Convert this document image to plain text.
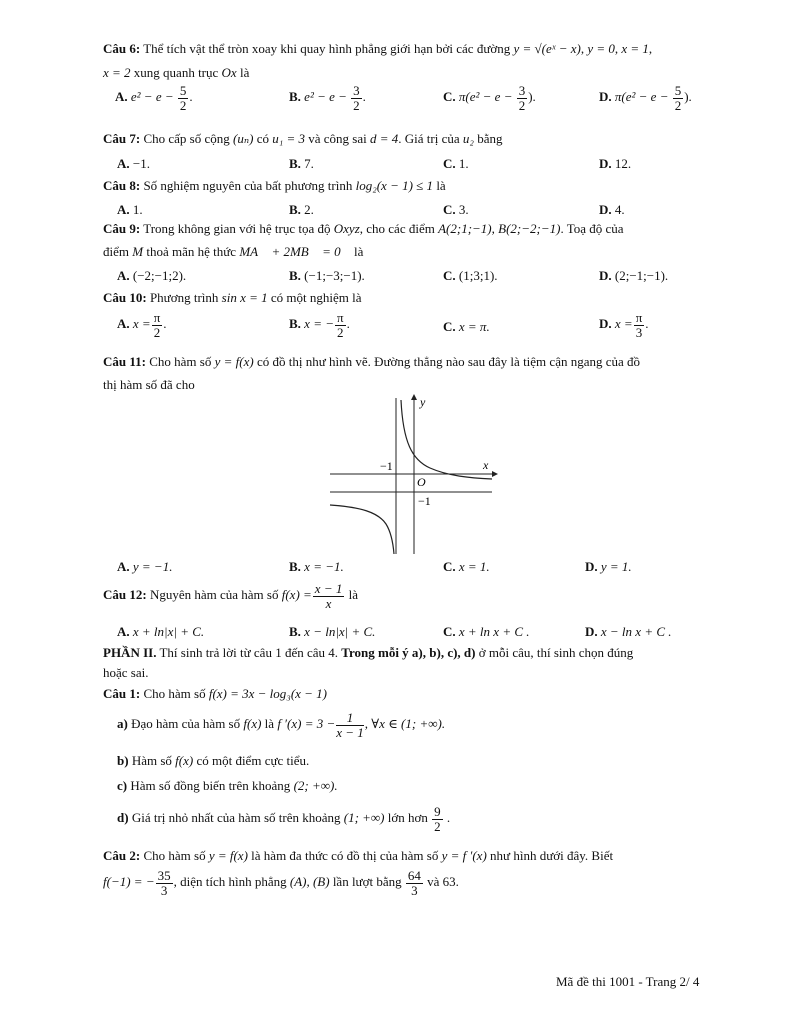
Câu 6: Thể tích vật thể tròn xoay khi quay hình phẳng giới hạn bởi các đường y = √(eˣ − x), y = 0, x = 1,
x = 2 xung quanh trục Ox là
A. $e^2 - e - \frac{5}{2}$ .	B. $e^2 - e - \frac{3}{2}$ .	C. $\pi(e^2 - e - \frac{3}{2}$ ).	D. $\pi(e^2 - e - \frac{5}{2}$ ).
Câu 7: Cho cấp số cộng (uₙ) có u₁ = 3 và công sai d = 4. Giá trị của u₂ bằng
A. −1.	B. 7.	C. 1.	D. 12.
Câu 8: Số nghiệm nguyên của bất phương trình log₂(x − 1) ≤ 1 là
A. 1.	B. 2.	C. 3.	D. 4.
Câu 9: Trong không gian với hệ trục tọa độ Oxyz, cho các điểm A(2;1;−1), B(2;−2;−1). Toạ độ của
điểm M thoả mãn hệ thức MA⃗ + 2MB⃗ = 0⃗ là
A. (−2;−1;2).	B. (−1;−3;−1).	C. (1;3;1).	D. (2;−1;−1).
Câu 10: Phương trình sin x = 1 có một nghiệm là
A. $x = \frac{\pi}{2}$ .	B. x = − $\frac{\pi}{2}$ .	C. x = π.	D. $x = \frac{\pi}{3}$ .
Câu 11: Cho hàm số y = f(x) có đồ thị như hình vẽ. Đường thẳng nào sau đây là tiệm cận ngang của đồ
thị hàm số đã cho
y
x
O
−1
−1
A. y = −1.	B. x = −1.	C. x = 1.	D. y = 1.
Câu 12: Nguyên hàm của hàm số $f(x) = \frac{x - 1}{x}$ là
A. x + ln|x| + C.	B. x − ln|x| + C.	C. x + ln x + C .	D. x − ln x + C .
PHẦN II. Thí sinh trả lời từ câu 1 đến câu 4. Trong mỗi ý a), b), c), d) ở mỗi câu, thí sinh chọn đúng
hoặc sai.
Câu 1: Cho hàm số f(x) = 3x − log₃(x − 1)
a) Đạo hàm của hàm số f(x) là f $'(x) = 3 - \frac{1}{x - 1}$ , ∀x ∈ (1; +∞).
b) Hàm số f(x) có một điểm cực tiểu.
c) Hàm số đồng biến trên khoảng (2; +∞).
d) Giá trị nhỏ nhất của hàm số trên khoảng (1; +∞) lớn hơn $\frac{9}{2}$ .
Câu 2: Cho hàm số y = f(x) là hàm đa thức có đồ thị của hàm số y = f ′(x) như hình dưới đây. Biết
f(−1) = − $\frac{35}{3}$ , diện tích hình phẳng (A), (B) lần lượt bằng $\frac{64}{3}$ và 63.
Mã đề thi 1001 - Trang 2/ 4
